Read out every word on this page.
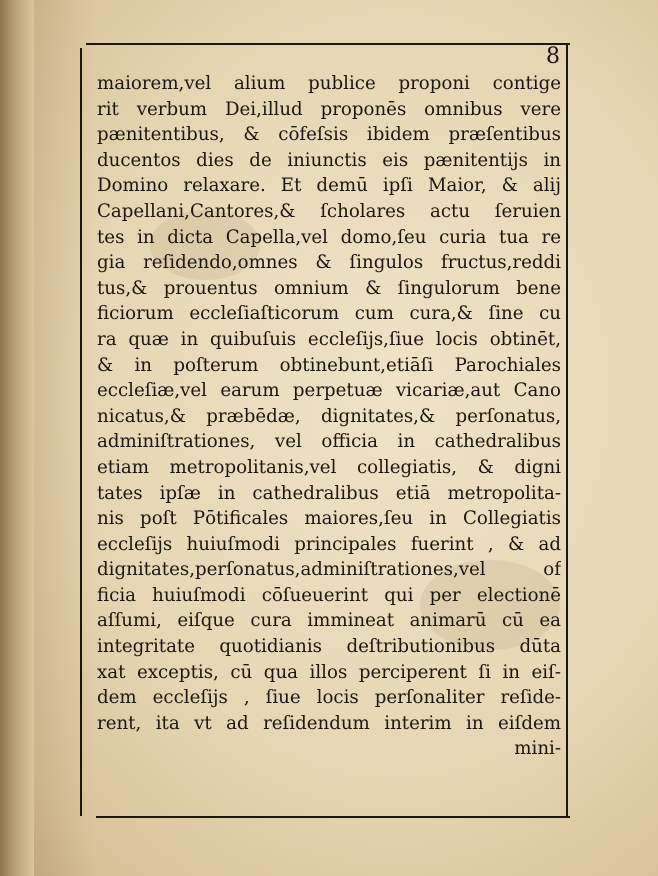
8
maiorem,vel alium publice proponi contige
rit verbum Dei,illud proponēs omnibus vere
pænitentibus, & cōfeſsis ibidem præſentibus
ducentos dies de iniunctis eis pænitentijs in
Domino relaxare. Et demū ipſi Maior, & alij
Capellani,Cantores,& ſcholares actu ſeruien
tes in dicta Capella,vel domo,ſeu curia tua re
gia reſidendo,omnes & ſingulos fructus,reddi
tus,& prouentus omnium & ſingulorum bene
ficiorum eccleſiaſticorum cum cura,& ſine cu
ra quæ in quibuſuis eccleſijs,ſiue locis obtinēt,
& in poſterum obtinebunt,etiāſi Parochiales
eccleſiæ,vel earum perpetuæ vicariæ,aut Cano
nicatus,& præbēdæ, dignitates,& perſonatus,
adminiſtrationes, vel officia in cathedralibus
etiam metropolitanis,vel collegiatis, & digni
tates ipſæ in cathedralibus etiā metropolita-
nis poſt Pōtificales maiores,ſeu in Collegiatis
eccleſijs huiuſmodi principales fuerint , & ad
dignitates,perſonatus,adminiſtrationes,vel of
ficia huiuſmodi cōſueuerint qui per electionē
aſſumi, eiſque cura immineat animarū cū ea
integritate quotidianis deſtributionibus dūta
xat exceptis, cū qua illos perciperent ſi in eiſ-
dem eccleſijs , ſiue locis perſonaliter reſide-
rent, ita vt ad reſidendum interim in eiſdem
mini-
